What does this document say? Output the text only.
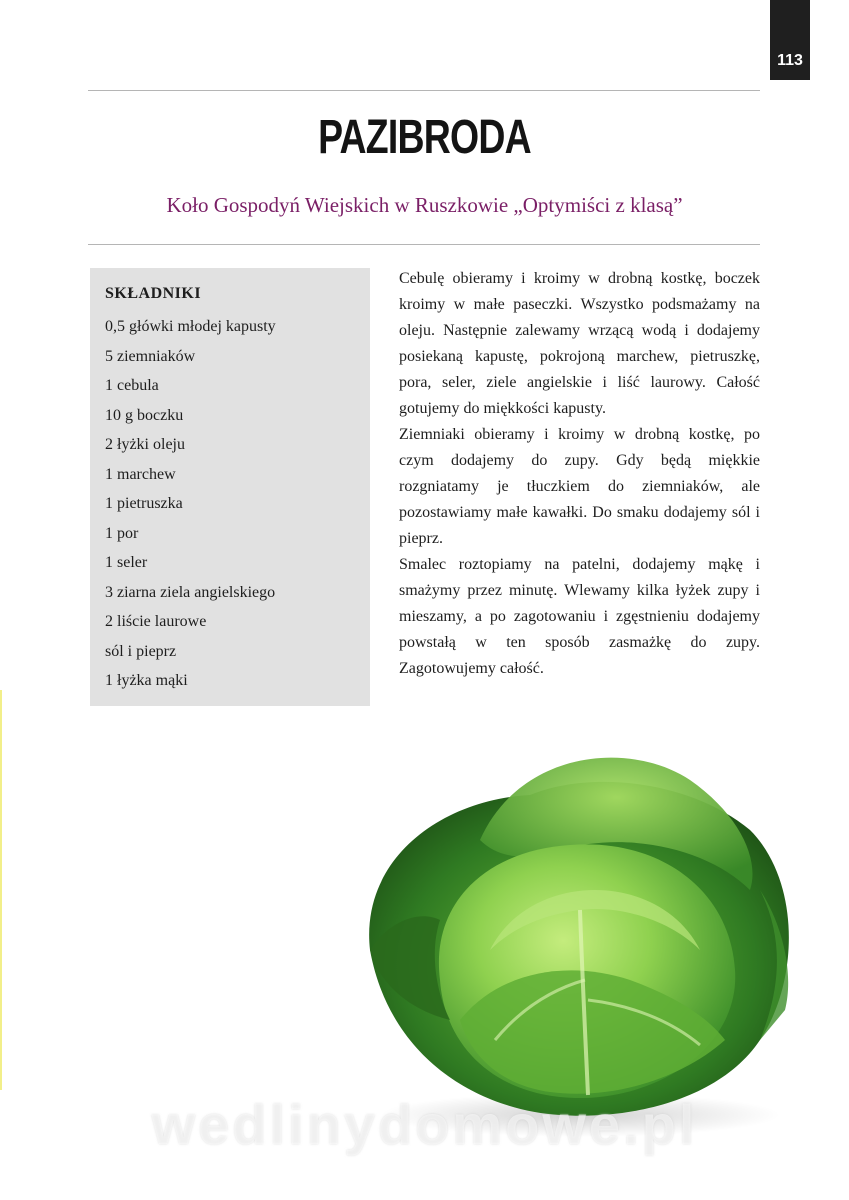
113
PAZIBRODA
Koło Gospodyń Wiejskich w Ruszkowie „Optymiści z klasą”
SKŁADNIKI
0,5 główki młodej kapusty
5 ziemniaków
1 cebula
10 g boczku
2 łyżki oleju
1 marchew
1 pietruszka
1 por
1 seler
3 ziarna ziela angielskiego
2 liście laurowe
sól i pieprz
1 łyżka mąki

Cebulę obieramy i kroimy w drobną kostkę, boczek kroimy w małe paseczki. Wszystko podsmażamy na oleju. Następnie zalewamy wrzącą wodą i dodajemy posiekaną kapustę, pokrojoną marchew, pietruszkę, pora, seler, ziele angielskie i liść laurowy. Całość gotujemy do miękkości kapusty.

Ziemniaki obieramy i kroimy w drobną kostkę, po czym dodajemy do zupy. Gdy będą miękkie rozgniatamy je tłuczkiem do ziemniaków, ale pozostawiamy małe kawałki. Do smaku dodajemy sól i pieprz.

Smalec roztopiamy na patelni, dodajemy mąkę i smażymy przez minutę. Wlewamy kilka łyżek zupy i mieszamy, a po zagotowaniu i zgęstnieniu dodajemy powstałą w ten sposób zasmażkę do zupy. Zagotowujemy całość.

wedlinydomowe.pl
